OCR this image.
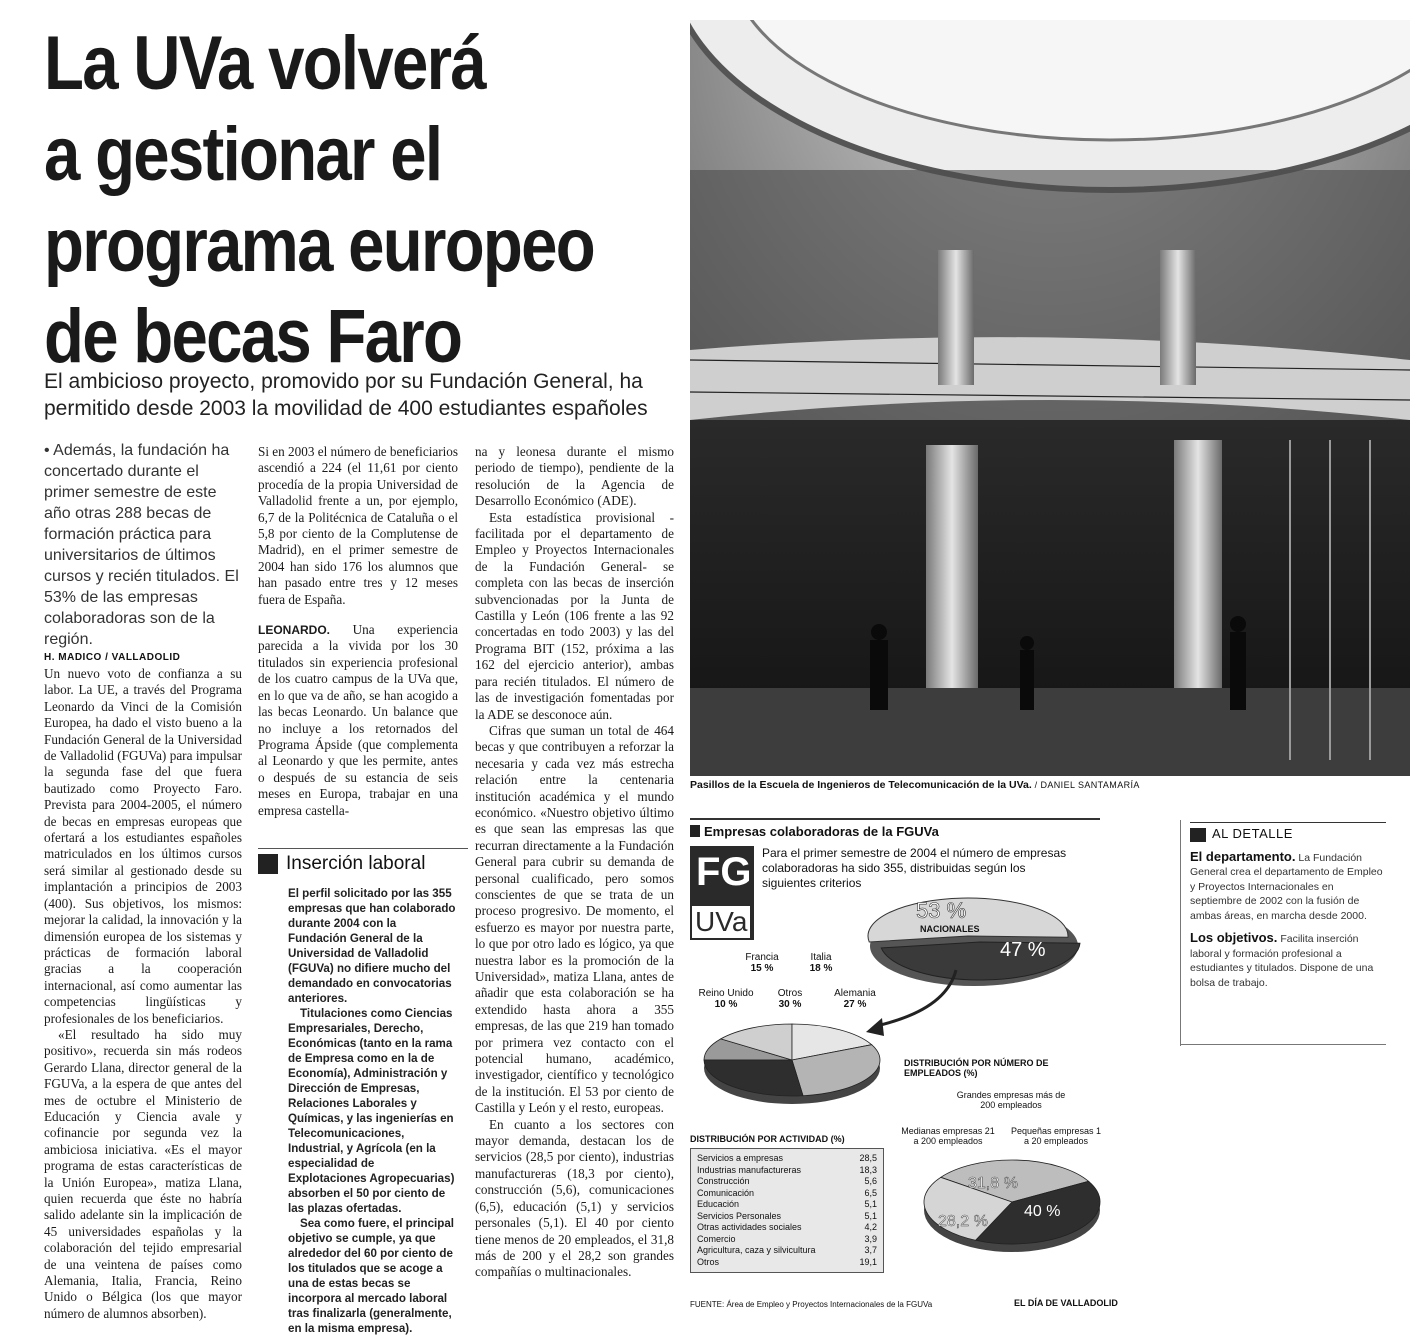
La UVa volverá
a gestionar el
programa europeo
de becas Faro
El ambicioso proyecto, promovido por su Fundación General, ha permitido desde 2003 la movilidad de 400 estudiantes españoles
• Además, la fundación ha concertado durante el primer semestre de este año otras 288 becas de formación práctica para universitarios de últimos cursos y recién titulados. El 53% de las empresas colaboradoras son de la región.
H. MADICO / VALLADOLID

Un nuevo voto de confianza a su labor. La UE, a través del Programa Leonardo da Vinci de la Comisión Europea, ha dado el visto bueno a la Fundación General de la Universidad de Valladolid (FGUVa) para impulsar la segunda fase del que fuera bautizado como Proyecto Faro. Prevista para 2004-2005, el número de becas en empresas europeas que ofertará a los estudiantes españoles matriculados en los últimos cursos será similar al gestionado desde su implantación a principios de 2003 (400). Sus objetivos, los mismos: mejorar la calidad, la innovación y la dimensión europea de los sistemas y prácticas de formación laboral gracias a la cooperación internacional, así como aumentar las competencias lingüísticas y profesionales de los beneficiarios.

«El resultado ha sido muy positivo», recuerda sin más rodeos Gerardo Llana, director general de la FGUVa, a la espera de que antes del mes de octubre el Ministerio de Educación y Ciencia avale y cofinancie por segunda vez la ambiciosa iniciativa. «Es el mayor programa de estas características de la Unión Europea», matiza Llana, quien recuerda que éste no habría salido adelante sin la implicación de 45 universidades españolas y la colaboración del tejido empresarial de una veintena de países como Alemania, Italia, Francia, Reino Unido o Bélgica (los que mayor número de alumnos absorben).

Si en 2003 el número de beneficiarios ascendió a 224 (el 11,61 por ciento procedía de la propia Universidad de Valladolid frente a un, por ejemplo, 6,7 de la Politécnica de Cataluña o el 5,8 por ciento de la Complutense de Madrid), en el primer semestre de 2004 han sido 176 los alumnos que han pasado entre tres y 12 meses fuera de España.

LEONARDO. Una experiencia parecida a la vivida por los 30 titulados sin experiencia profesional de los cuatro campus de la UVa que, en lo que va de año, se han acogido a las becas Leonardo. Un balance que no incluye a los retornados del Programa Ápside (que complementa al Leonardo y que les permite, antes o después de su estancia de seis meses en Europa, trabajar en una empresa castella-

Inserción laboral

El perfil solicitado por las 355 empresas que han colaborado durante 2004 con la Fundación General de la Universidad de Valladolid (FGUVa) no difiere mucho del demandado en convocatorias anteriores.

Titulaciones como Ciencias Empresariales, Derecho, Económicas (tanto en la rama de Empresa como en la de Economía), Administración y Dirección de Empresas, Relaciones Laborales y Químicas, y las ingenierías en Telecomunicaciones, Industrial, y Agrícola (en la especialidad de Explotaciones Agropecuarias) absorben el 50 por ciento de las plazas ofertadas.

Sea como fuere, el principal objetivo se cumple, ya que alrededor del 60 por ciento de los titulados que se acoge a una de estas becas se incorpora al mercado laboral tras finalizarla (generalmente, en la misma empresa).

na y leonesa durante el mismo periodo de tiempo), pendiente de la resolución de la Agencia de Desarrollo Económico (ADE).

Esta estadística provisional -facilitada por el departamento de Empleo y Proyectos Internacionales de la Fundación General- se completa con las becas de inserción subvencionadas por la Junta de Castilla y León (106 frente a las 92 concertadas en todo 2003) y las del Programa BIT (152, próxima a las 162 del ejercicio anterior), ambas para recién titulados. El número de las de investigación fomentadas por la ADE se desconoce aún.

Cifras que suman un total de 464 becas y que contribuyen a reforzar la necesaria y cada vez más estrecha relación entre la centenaria institución académica y el mundo económico. «Nuestro objetivo último es que sean las empresas las que recurran directamente a la Fundación General para cubrir su demanda de personal cualificado, pero somos conscientes de que se trata de un proceso progresivo. De momento, el esfuerzo es mayor por nuestra parte, lo que por otro lado es lógico, ya que nuestra labor es la promoción de la Universidad», matiza Llana, antes de añadir que esta colaboración se ha extendido hasta ahora a 355 empresas, de las que 219 han tomado por primera vez contacto con el potencial humano, académico, investigador, científico y tecnológico de la institución. El 53 por ciento de Castilla y León y el resto, europeas.

En cuanto a los sectores con mayor demanda, destacan los de servicios (28,5 por ciento), industrias manufactureras (18,3 por ciento), construcción (5,6), comunicaciones (6,5), educación (5,1) y servicios personales (5,1). El 40 por ciento tiene menos de 20 empleados, el 31,8 más de 200 y el 28,2 son grandes compañías o multinacionales.

Pasillos de la Escuela de Ingenieros de Telecomunicación de la UVa. / DANIEL SANTAMARÍA
Empresas colaboradoras de la FGUVa
FG
UVa
Para el primer semestre de 2004 el número de empresas colaboradoras ha sido 355, distribuidas según los siguientes criterios
53 %
NACIONALES
47 %
Francia
15 %
Italia
18 %
Reino Unido
10 %
Otros
30 %
Alemania
27 %
DISTRIBUCIÓN POR ACTIVIDAD (%)
Servicios a empresas	28,5
Industrias manufactureras	18,3
Construcción	5,6
Comunicación	6,5
Educación	5,1
Servicios Personales	5,1
Otras actividades sociales	4,2
Comercio	3,9
Agricultura, caza y silvicultura	3,7
Otros	19,1
DISTRIBUCIÓN POR NÚMERO DE EMPLEADOS (%)
Grandes empresas más de 200 empleados
Medianas empresas 21 a 200 empleados
Pequeñas empresas 1 a 20 empleados
31,8 %
40 %
28,2 %
FUENTE: Área de Empleo y Proyectos Internacionales de la FGUVa	EL DÍA DE VALLADOLID
AL DETALLE

El departamento. La Fundación General crea el departamento de Empleo y Proyectos Internacionales en septiembre de 2002 con la fusión de ambas áreas, en marcha desde 2000.

Los objetivos. Facilita inserción laboral y formación profesional a estudiantes y titulados. Dispone de una bolsa de trabajo.
